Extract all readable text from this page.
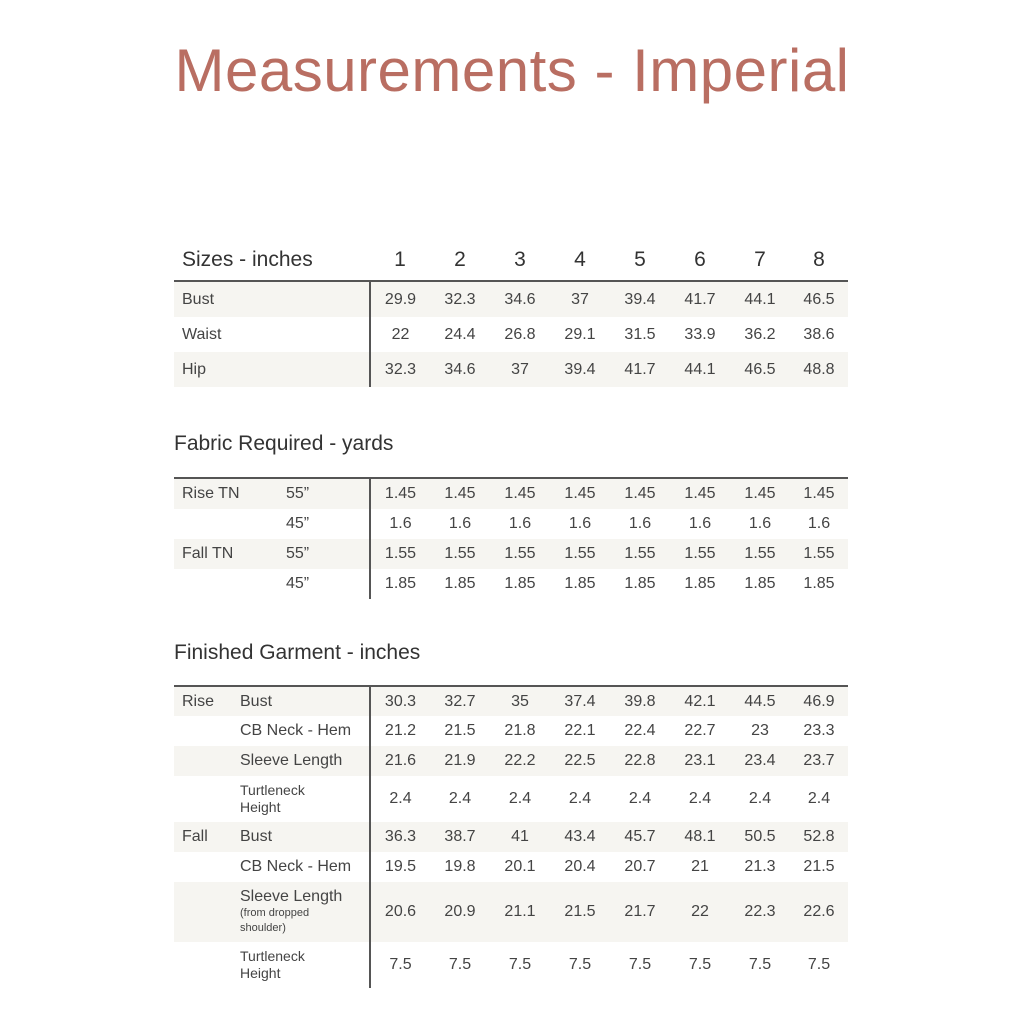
Measurements - Imperial
Sizes - inches	1	2	3	4	5	6	7	8
Bust	29.9	32.3	34.6	37	39.4	41.7	44.1	46.5
Waist	22	24.4	26.8	29.1	31.5	33.9	36.2	38.6
Hip	32.3	34.6	37	39.4	41.7	44.1	46.5	48.8
Fabric Required - yards
Rise TN	55”	1.45	1.45	1.45	1.45	1.45	1.45	1.45	1.45
	45”	1.6	1.6	1.6	1.6	1.6	1.6	1.6	1.6
Fall TN	55”	1.55	1.55	1.55	1.55	1.55	1.55	1.55	1.55
	45”	1.85	1.85	1.85	1.85	1.85	1.85	1.85	1.85
Finished Garment - inches
Rise	Bust	30.3	32.7	35	37.4	39.8	42.1	44.5	46.9
	CB Neck - Hem	21.2	21.5	21.8	22.1	22.4	22.7	23	23.3
	Sleeve Length	21.6	21.9	22.2	22.5	22.8	23.1	23.4	23.7
	Turtleneck
Height	2.4	2.4	2.4	2.4	2.4	2.4	2.4	2.4
Fall	Bust	36.3	38.7	41	43.4	45.7	48.1	50.5	52.8
	CB Neck - Hem	19.5	19.8	20.1	20.4	20.7	21	21.3	21.5
	Sleeve Length
(from dropped
shoulder)	20.6	20.9	21.1	21.5	21.7	22	22.3	22.6
	Turtleneck
Height	7.5	7.5	7.5	7.5	7.5	7.5	7.5	7.5
